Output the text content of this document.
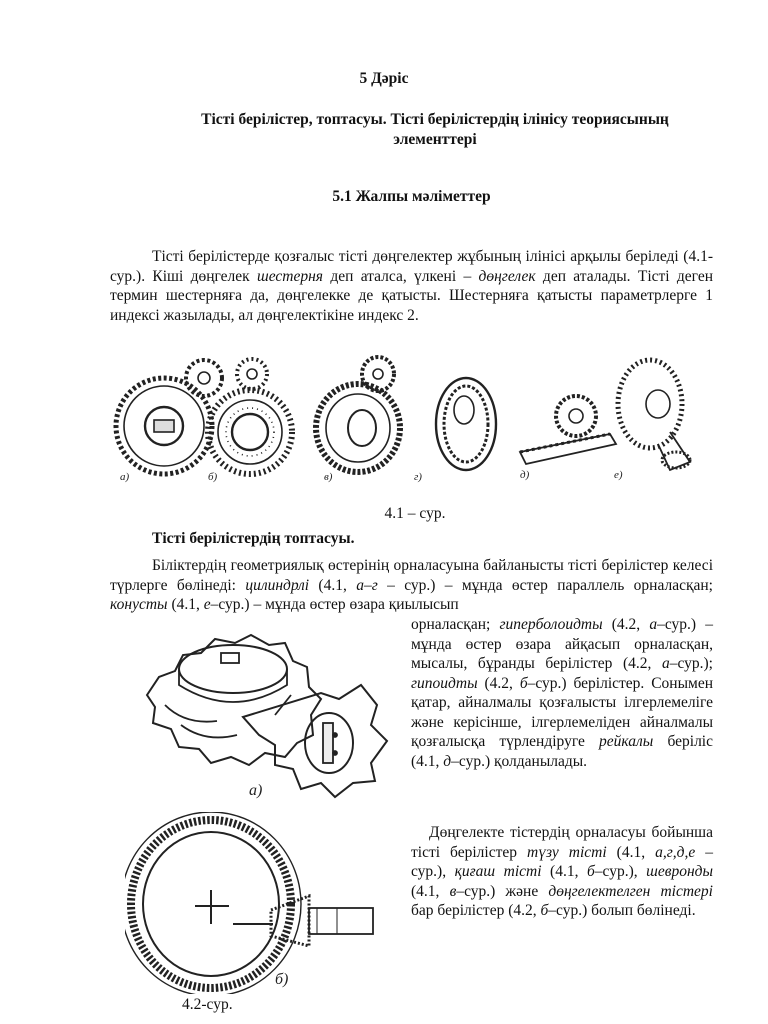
5 Дәріс
Тісті берілістер, топтасуы. Тісті берілістердің ілінісу теориясының
элементтері
5.1 Жалпы мәліметтер
Тісті берілістерде қозғалыс тісті дөңгелектер жұбының ілінісі арқылы беріледі (4.1-сур.). Кіші дөңгелек шестерня деп аталса, үлкені – дөңгелек деп аталады. Тісті деген термин шестерняға да, дөңгелекке де қатысты. Шестерняға қатысты параметрлерге 1 индексі жазылады, ал дөңгелектікіне индекс 2.
а)	б)	в)	г)	д)	е)
4.1 – сур.
Тісті берілістердің топтасуы.
Біліктердің геометриялық өстерінің орналасуына байланысты тісті берілістер келесі түрлерге бөлінеді: цилиндрлі (4.1, а–г – сур.) – мұнда өстер параллель орналасқан; конусты (4.1, е–сур.) – мұнда өстер өзара қиылысып
орналасқан; гиперболоидты (4.2, а–сур.) – мұнда өстер өзара айқасып орналасқан, мысалы, бұранды берілістер (4.2, а–сур.); гипоидты (4.2, б–сур.) берілістер. Сонымен қатар, айналмалы қозғалысты ілгерлемеліге және керісінше, ілгерлемеліден айналмалы қозғалысқа түрлендіруге рейкалы беріліс (4.1, д–сур.) қолданылады.
Дөңгелекте тістердің орналасуы бойынша тісті берілістер түзу тісті (4.1, а,г,д,е – сур.), қиғаш тісті (4.1, б–сур.), шевронды (4.1, в–сур.) және дөңгелектелген тістері бар берілістер (4.2, б–сур.) болып бөлінеді.
а)
б)
4.2-сур.
